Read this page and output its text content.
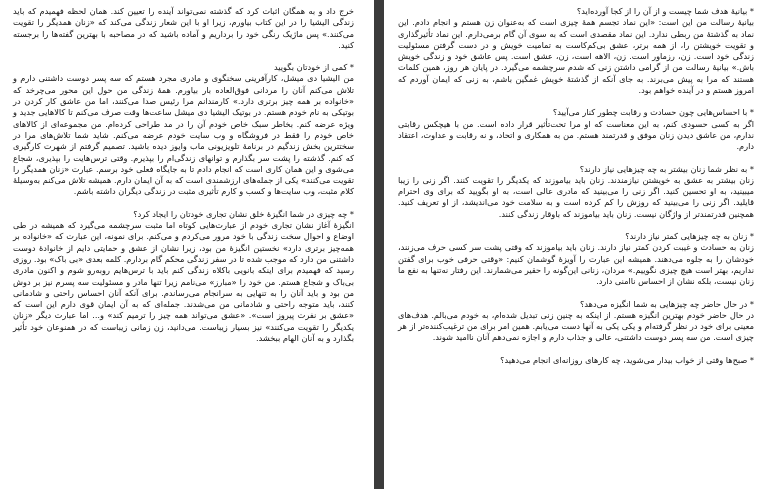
خرج داد و به همگان اثبات کرد که گذشته نمی‌تواند آینده را تعیین کند. همان لحظه فهمیدم که باید زندگی الیشیا را در این کتاب بیاورم، زیرا او با این شعار زندگی می‌کند که «زنان همدیگر را تقویت می‌کنند.» پس ماژیک رنگی خود را برداریم و آماده باشید که در مصاحبه با بهترین گفته‌ها را برجسته کنید.

* کمی از خودتان بگویید

من الیشیا دی میشل، کارآفرینی سخنگوی و مادری مجرد هستم که سه پسر دوست داشتنی دارم و تلاش می‌کنم آنان را مردانی فوق‌العاده بار بیاورم. همهٔ زندگی من حول این محور می‌چرخد که «خانواده بر همه چیز برتری دارد.» کارمندانم مرا رئیس صدا می‌کنند، اما من عاشق کار کردن در بوتیکی به نام خودم هستم. در بوتیک الیشیا دی میشل ساعت‌ها وقت صرف می‌کنم تا کالاهایی جدید و ویژه عرضه کنم. بخاطر سبک خاص خودم آن را در مد طراحی کرده‌ام. من مجموعه‌ای از کالاهای خاص خودم را فقط در فروشگاه و وب سایت خودم عرضه می‌کنم. شاید شما تلاش‌های مرا در سختترین بخش زندگیم در برنامهٔ تلویزیونی ماب وایوز دیده باشید. تصمیم گرفتم از شهرت کارگیری که کنم. گذشته را پشت سر بگذارم و توانهای زندگی‌ام را بپذیرم. وقتی ترس‌هایت را بپذیری، شجاع می‌شوی و این همان کاری است که انجام دادم تا به جایگاه فعلی خود برسم. عبارت «زنان همدیگر را تقویت می‌کنند» یکی از جمله‌های ارزشمندی است که به آن ایمان دارم. همیشه تلاش می‌کنم به‌وسیلهٔ کلام مثبت، وب سایت‌ها و کسب و کارم تأثیری مثبت در زندگی دیگران داشته باشم.

* چه چیزی در شما انگیزهٔ خلق نشان تجاری خودتان را ایجاد کرد؟

انگیزهٔ آغاز نشان تجاری خودم از عبارت‌هایی کوتاه اما مثبت سرچشمه می‌گیرد که همیشه در طی اوضاع و احوال سخت زندگی با خود مرور می‌کردم و می‌کنم. برای نمونه، این عبارت که «خانواده بر همه‌چیز برتری دارد» نخستین انگیزهٔ من بود، زیرا نشان از عشق و حمایتی دایم از خانوادهٔ دوست داشتنی من دارد که موجب شده تا در سفر زندگی محکم گام بردارم. کلمه بعدی «بی باک» بود. روزی رسید که فهمیدم برای اینکه بانویی باکلاه زندگی کنم باید با ترس‌هایم روبه‌رو شوم و اکنون مادری بی‌باک و شجاع هستم. من خود را «مبارز» می‌نامم زیرا تنها مادر و مسئولیت سه پسرم نیز بر دوش من بود و باید آنان را به تنهایی به سرانجام می‌رساندم. برای آنکه آنان احساس راحتی و شادمانی کنند، باید متوجه راحتی و شادمانی من می‌شدند. جمله‌ای که به آن ایمان قوی دارم این است که «عشق بر نفرت پیروز است». «عشق می‌تواند همه چیز را ترمیم کند» و... اما عبارت دیگر «زنان یکدیگر را تقویت می‌کنند» نیز بسیار زیباست. می‌دانید، زن زمانی زیباست که در همنوعان خود تأثیر بگذارد و به آنان الهام ببخشد.

* بیانیهٔ هدف شما چیست و از آن را از کجا آورده‌اید؟

بیانیهٔ رسالت من این است: «این نماد تجسم همهٔ چیزی است که به‌عنوان زن هستم و انجام دادم. این نماد به گذشتهٔ من ربطی ندارد. این نماد مقصدی است که به سوی آن گام برمی‌دارم. این نماد تأثیرگذاری و تقویت خویشتن را، از همه برتر، عشق بی‌کم‌کاست به تمامیت خویش و در دست گرفتن مسئولیت زندگی خود است. زن، رزماور است. زن، الاهه است، زن، عشق است. پس عاشق خود و زندگی خویش باش.» بیانیهٔ رسالت من از گرامی داشتن زنی که شدم سرچشمه می‌گیرد. در پایان هر روز، همین کلمات هستند که مرا به پیش می‌برند. به جای آنکه از گذشتهٔ خویش غمگین باشم، به زنی که ایمان آوردم که امروز هستم و در آینده خواهم بود.

* با احساس‌هایی چون حسادت و رقابت چطور کنار می‌آیید؟

اگر به کسی حسودی کنم، به این معناست که او مرا تحت‌تأثیر قرار داده است. من با هیچکس رقابتی ندارم، من عاشق دیدن زنان موفق و قدرتمند هستم. من به همکاری و اتحاد، و نه رقابت و عداوت، اعتقاد دارم.

* به نظر شما زنان بیشتر به چه چیزهایی نیاز دارند؟

زنان بیشتر به عشق به خویشتن نیازمندند. زنان باید بیاموزند که یکدیگر را تقویت کنند. اگر زنی را زیبا میبینید، به او تحسین کنید. اگر زنی را می‌بینید که مادری عالی است، به او بگویید که برای وی احترام قایلید. اگر زنی را می‌بینید که روزش را کم کرده است و به سلامت خود می‌اندیشد، از او تعریف کنید. همچنین قدرتمندتر از واژگان نیست. زنان باید بیاموزند که باوقار زندگی کنند.

* زنان به چه چیزهایی کمتر نیاز دارند؟

زنان به حسادت و غیبت کردن کمتر نیاز دارند. زنان باید بیاموزند که وقتی پشت سر کسی حرف می‌زنند، خودشان را به جلوه می‌دهند. همیشه این عبارت را آویزهٔ گوشمان کنیم: «وقتی حرفی خوب برای گفتن نداریم، بهتر است هیچ چیزی نگوییم.» مردان، زنانی این‌گونه را حقیر می‌شمارند. این رفتار نه‌تنها به نفع ما زنان نیست، بلکه نشان از احساس ناامنی دارد.

* در حال حاضر چه چیزهایی به شما انگیزه می‌دهد؟

در حال حاضر خودم بهترین انگیزه هستم. از اینکه به چنین زنی تبدیل شده‌ام، به خودم می‌بالم. هدف‌های معینی برای خود در نظر گرفته‌ام و یکی یکی به آنها دست می‌یابم. همین امر برای من ترغیب‌کننده‌تر از هر چیزی است. من سه پسر دوست داشتنی، عالی و جذاب دارم و اجازه نمی‌دهم آنان ناامید شوند.

* صبح‌ها وقتی از خواب بیدار می‌شوید، چه کارهای روزانه‌ای انجام می‌دهید؟
